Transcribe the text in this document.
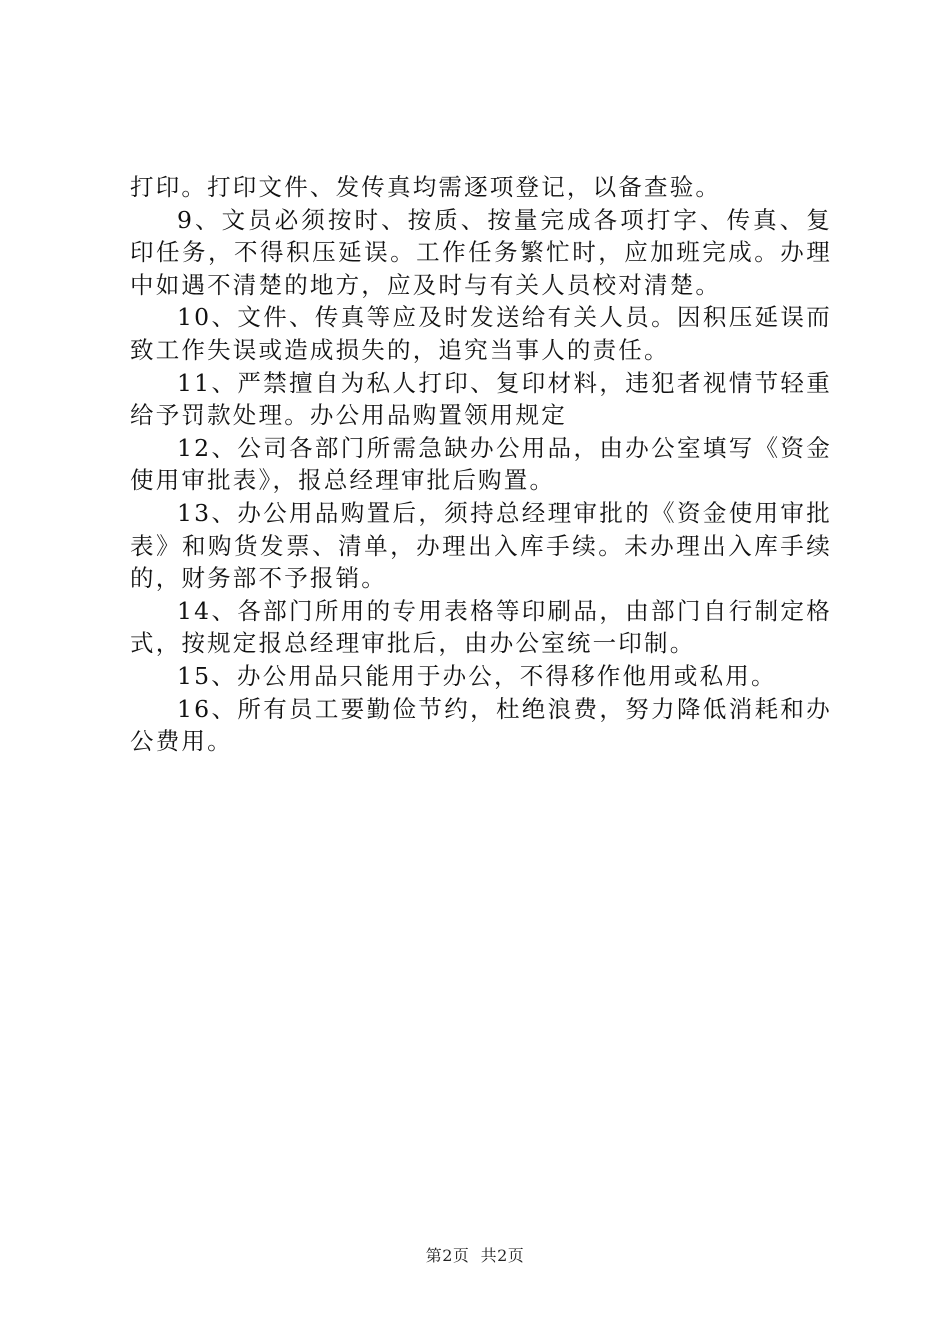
打印。打印文件、发传真均需逐项登记，以备查验。

9、文员必须按时、按质、按量完成各项打字、传真、复印任务，不得积压延误。工作任务繁忙时，应加班完成。办理中如遇不清楚的地方，应及时与有关人员校对清楚。

10、文件、传真等应及时发送给有关人员。因积压延误而致工作失误或造成损失的，追究当事人的责任。

11、严禁擅自为私人打印、复印材料，违犯者视情节轻重给予罚款处理。办公用品购置领用规定

12、公司各部门所需急缺办公用品，由办公室填写《资金使用审批表》，报总经理审批后购置。

13、办公用品购置后，须持总经理审批的《资金使用审批表》和购货发票、清单，办理出入库手续。未办理出入库手续的，财务部不予报销。

14、各部门所用的专用表格等印刷品，由部门自行制定格式，按规定报总经理审批后，由办公室统一印制。

15、办公用品只能用于办公，不得移作他用或私用。

16、所有员工要勤俭节约，杜绝浪费，努力降低消耗和办公费用。

第2页 共2页
